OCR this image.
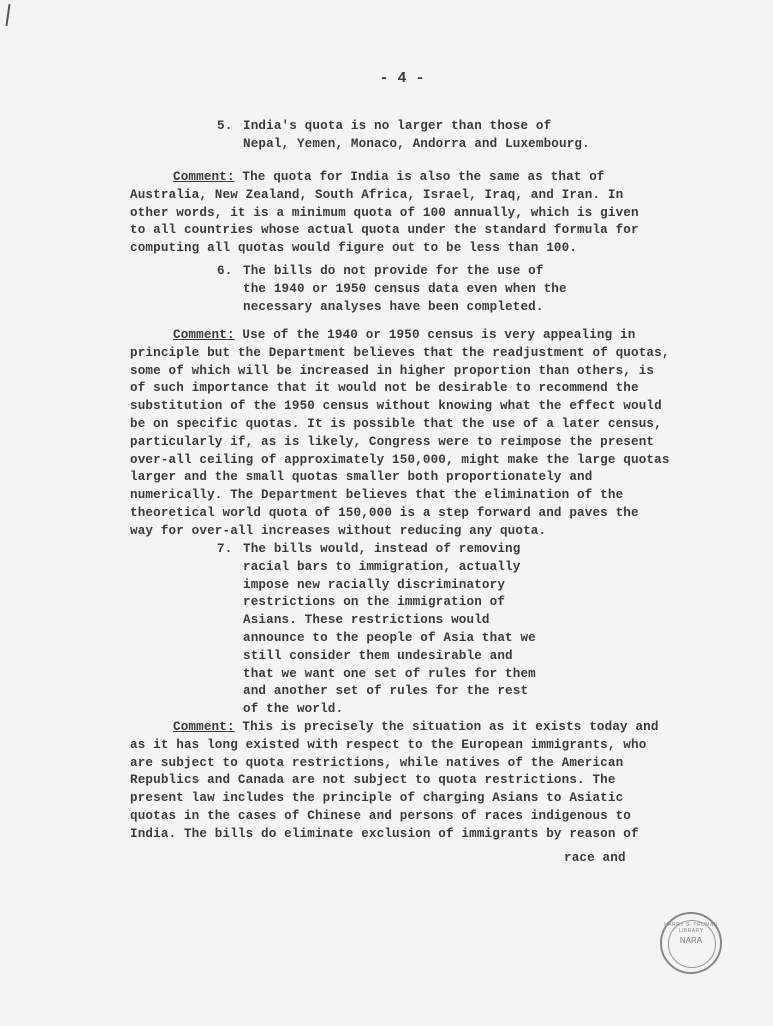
- 4 -
5. India's quota is no larger than those of
Nepal, Yemen, Monaco, Andorra and Luxembourg.
Comment: The quota for India is also the same as that of
Australia, New Zealand, South Africa, Israel, Iraq, and Iran. In
other words, it is a minimum quota of 100 annually, which is given
to all countries whose actual quota under the standard formula for
computing all quotas would figure out to be less than 100.
6. The bills do not provide for the use of
the 1940 or 1950 census data even when the
necessary analyses have been completed.
Comment: Use of the 1940 or 1950 census is very appealing in
principle but the Department believes that the readjustment of quotas,
some of which will be increased in higher proportion than others, is
of such importance that it would not be desirable to recommend the
substitution of the 1950 census without knowing what the effect would
be on specific quotas. It is possible that the use of a later census,
particularly if, as is likely, Congress were to reimpose the present
over-all ceiling of approximately 150,000, might make the large quotas
larger and the small quotas smaller both proportionately and
numerically. The Department believes that the elimination of the
theoretical world quota of 150,000 is a step forward and paves the
way for over-all increases without reducing any quota.
7. The bills would, instead of removing
racial bars to immigration, actually
impose new racially discriminatory
restrictions on the immigration of
Asians. These restrictions would
announce to the people of Asia that we
still consider them undesirable and
that we want one set of rules for them
and another set of rules for the rest
of the world.
Comment: This is precisely the situation as it exists today and
as it has long existed with respect to the European immigrants, who
are subject to quota restrictions, while natives of the American
Republics and Canada are not subject to quota restrictions. The
present law includes the principle of charging Asians to Asiatic
quotas in the cases of Chinese and persons of races indigenous to
India. The bills do eliminate exclusion of immigrants by reason of
race and
HARRY S. TRUMAN LIBRARY
NARA
